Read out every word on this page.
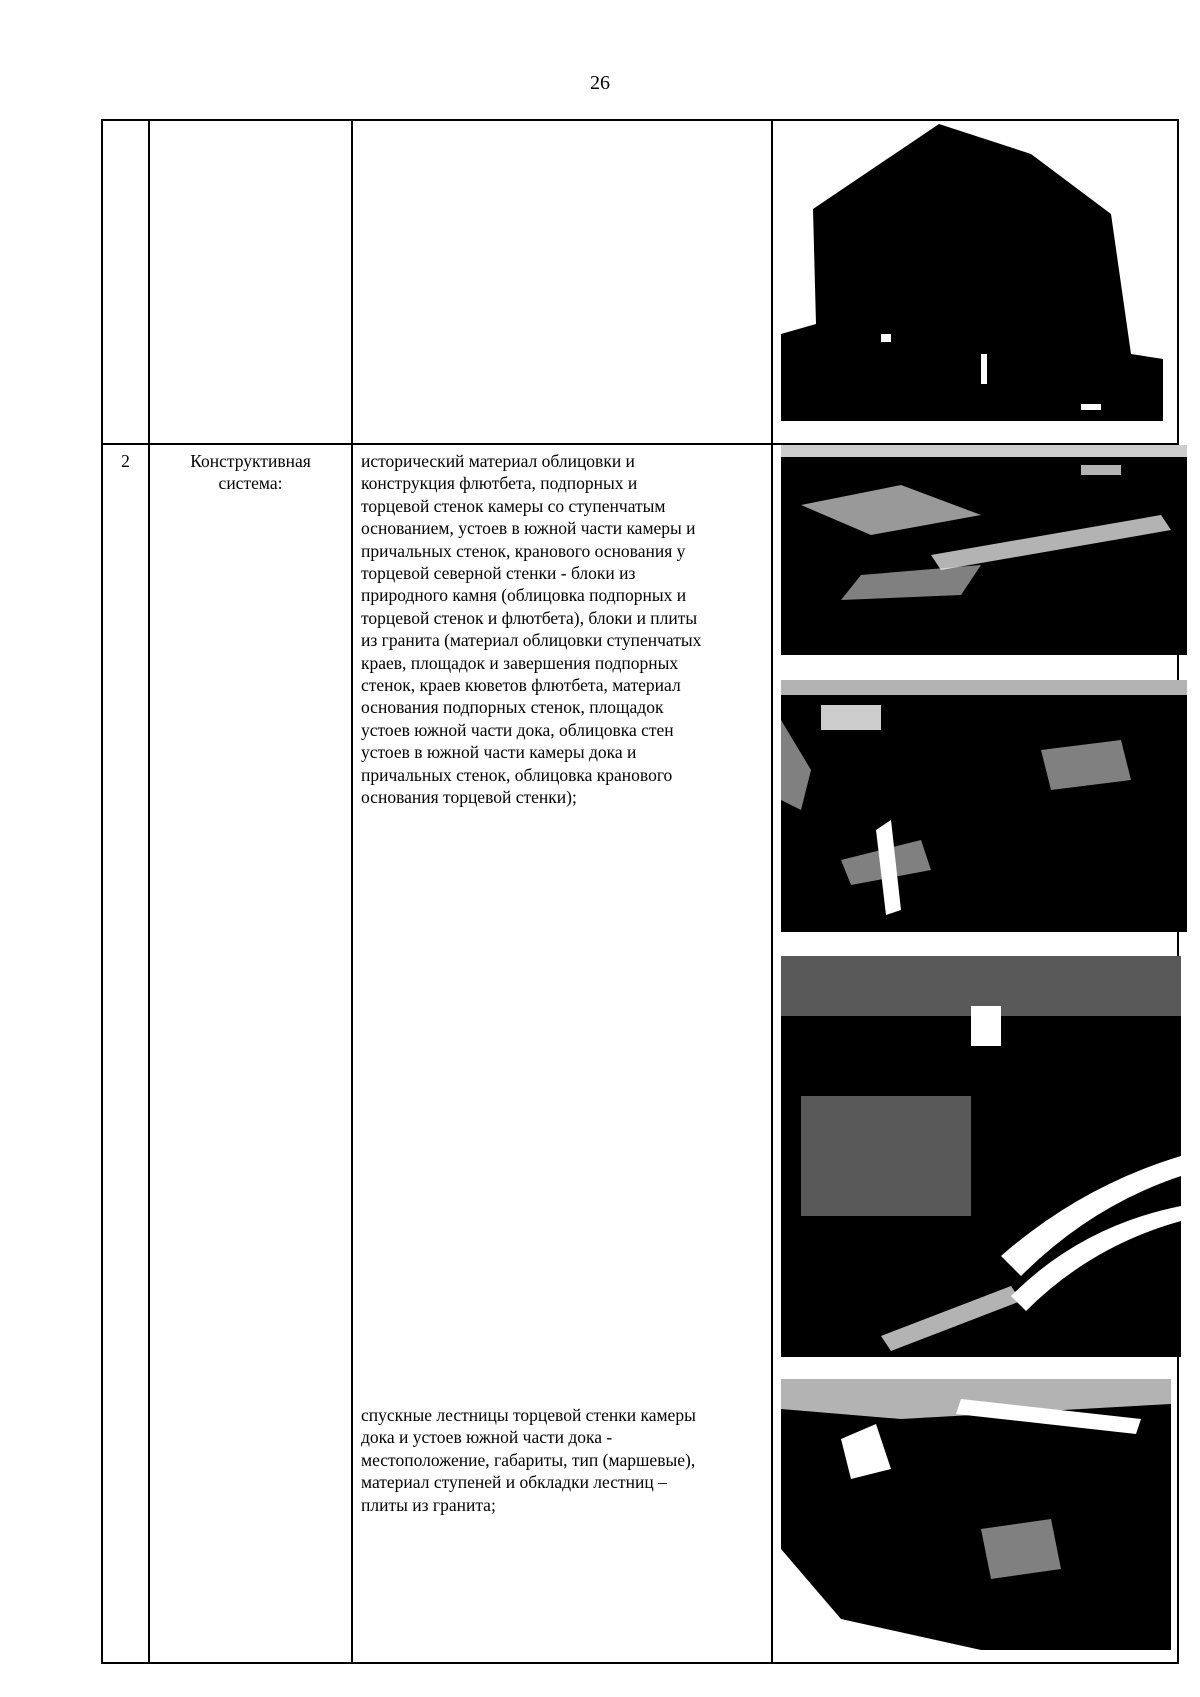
26
2	Конструктивная
система:
исторический материал облицовки и
конструкция флютбета, подпорных и
торцевой стенок камеры со ступенчатым
основанием, устоев в южной части камеры и
причальных стенок, кранового основания у
торцевой северной стенки - блоки из
природного камня (облицовка подпорных и
торцевой стенок и флютбета), блоки и плиты
из гранита (материал облицовки ступенчатых
краев, площадок и завершения подпорных
стенок, краев кюветов флютбета, материал
основания подпорных стенок, площадок
устоев южной части дока, облицовка стен
устоев в южной части камеры дока и
причальных стенок, облицовка кранового
основания торцевой стенки);
спускные лестницы торцевой стенки камеры
дока и устоев южной части дока -
местоположение, габариты, тип (маршевые),
материал ступеней и обкладки лестниц –
плиты из гранита;
